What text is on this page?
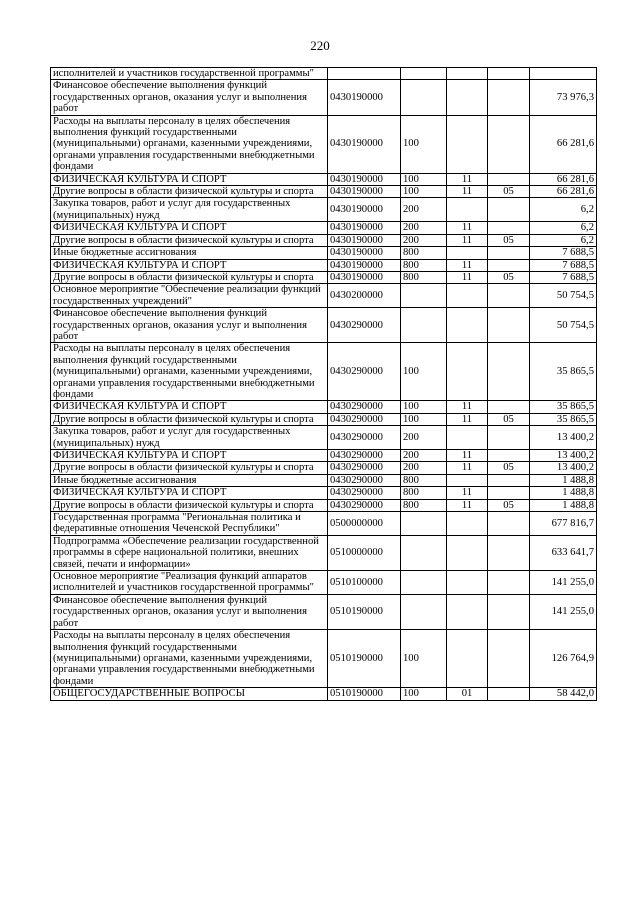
220
исполнителей и участников государственной программы"					
Финансовое обеспечение выполнения функций государственных органов, оказания услуг и выполнения работ	0430190000				73 976,3
Расходы на выплаты персоналу в целях обеспечения выполнения функций государственными (муниципальными) органами, казенными учреждениями, органами управления государственными внебюджетными фондами	0430190000	100			66 281,6
ФИЗИЧЕСКАЯ КУЛЬТУРА И СПОРТ	0430190000	100	11		66 281,6
Другие вопросы в области физической культуры и спорта	0430190000	100	11	05	66 281,6
Закупка товаров, работ и услуг для государственных (муниципальных) нужд	0430190000	200			6,2
ФИЗИЧЕСКАЯ КУЛЬТУРА И СПОРТ	0430190000	200	11		6,2
Другие вопросы в области физической культуры и спорта	0430190000	200	11	05	6,2
Иные бюджетные ассигнования	0430190000	800			7 688,5
ФИЗИЧЕСКАЯ КУЛЬТУРА И СПОРТ	0430190000	800	11		7 688,5
Другие вопросы в области физической культуры и спорта	0430190000	800	11	05	7 688,5
Основное мероприятие "Обеспечение реализации функций государственных учреждений"	0430200000				50 754,5
Финансовое обеспечение выполнения функций государственных органов, оказания услуг и выполнения работ	0430290000				50 754,5
Расходы на выплаты персоналу в целях обеспечения выполнения функций государственными (муниципальными) органами, казенными учреждениями, органами управления государственными внебюджетными фондами	0430290000	100			35 865,5
ФИЗИЧЕСКАЯ КУЛЬТУРА И СПОРТ	0430290000	100	11		35 865,5
Другие вопросы в области физической культуры и спорта	0430290000	100	11	05	35 865,5
Закупка товаров, работ и услуг для государственных (муниципальных) нужд	0430290000	200			13 400,2
ФИЗИЧЕСКАЯ КУЛЬТУРА И СПОРТ	0430290000	200	11		13 400,2
Другие вопросы в области физической культуры и спорта	0430290000	200	11	05	13 400,2
Иные бюджетные ассигнования	0430290000	800			1 488,8
ФИЗИЧЕСКАЯ КУЛЬТУРА И СПОРТ	0430290000	800	11		1 488,8
Другие вопросы в области физической культуры и спорта	0430290000	800	11	05	1 488,8
Государственная программа "Региональная политика и федеративные отношения Чеченской Республики"	0500000000				677 816,7
Подпрограмма «Обеспечение реализации государственной программы в сфере национальной политики, внешних связей, печати и информации»	0510000000				633 641,7
Основное мероприятие "Реализация функций аппаратов исполнителей и участников государственной программы"	0510100000				141 255,0
Финансовое обеспечение выполнения функций государственных органов, оказания услуг и выполнения работ	0510190000				141 255,0
Расходы на выплаты персоналу в целях обеспечения выполнения функций государственными (муниципальными) органами, казенными учреждениями, органами управления государственными внебюджетными фондами	0510190000	100			126 764,9
ОБЩЕГОСУДАРСТВЕННЫЕ ВОПРОСЫ	0510190000	100	01		58 442,0
